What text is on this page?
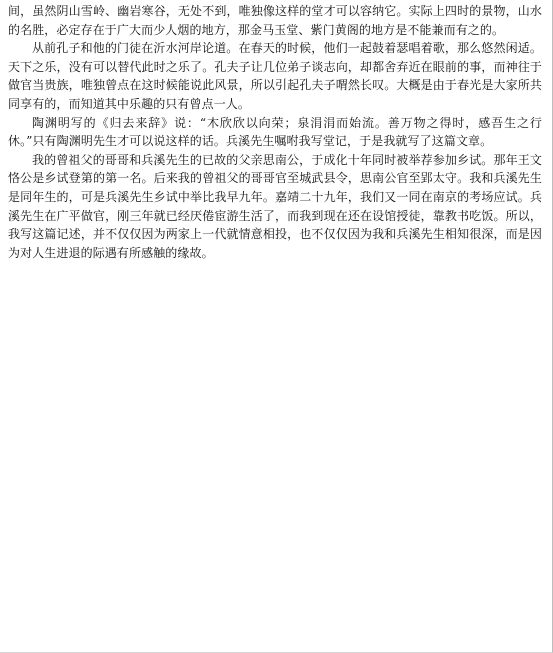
间，虽然阴山雪岭、幽岩寒谷，无处不到，唯独像这样的堂才可以容纳它。实际上四时的景物，山水的名胜，必定存在于广大而少人烟的地方，那金马玉堂、紫门黄阁的地方是不能兼而有之的。

从前孔子和他的门徒在沂水河岸论道。在春天的时候，他们一起鼓着瑟唱着歌，那么悠然闲适。天下之乐，没有可以替代此时之乐了。孔夫子让几位弟子谈志向，却都舍弃近在眼前的事，而神往于做官当贵族，唯独曾点在这时候能说此风景，所以引起孔夫子喟然长叹。大概是由于春光是大家所共同享有的，而知道其中乐趣的只有曾点一人。

陶渊明写的《归去来辞》说：“木欣欣以向荣；泉涓涓而始流。善万物之得时，感吾生之行休。”只有陶渊明先生才可以说这样的话。兵溪先生嘱咐我写堂记，于是我就写了这篇文章。

我的曾祖父的哥哥和兵溪先生的已故的父亲思南公，于成化十年同时被举荐参加乡试。那年王文恪公是乡试登第的第一名。后来我的曾祖父的哥哥官至城武县令，思南公官至郢太守。我和兵溪先生是同年生的，可是兵溪先生乡试中举比我早九年。嘉靖二十九年，我们又一同在南京的考场应试。兵溪先生在广平做官，刚三年就已经厌倦宦游生活了，而我到现在还在设馆授徒，靠教书吃饭。所以，我写这篇记述，并不仅仅因为两家上一代就情意相投，也不仅仅因为我和兵溪先生相知很深，而是因为对人生进退的际遇有所感触的缘故。
